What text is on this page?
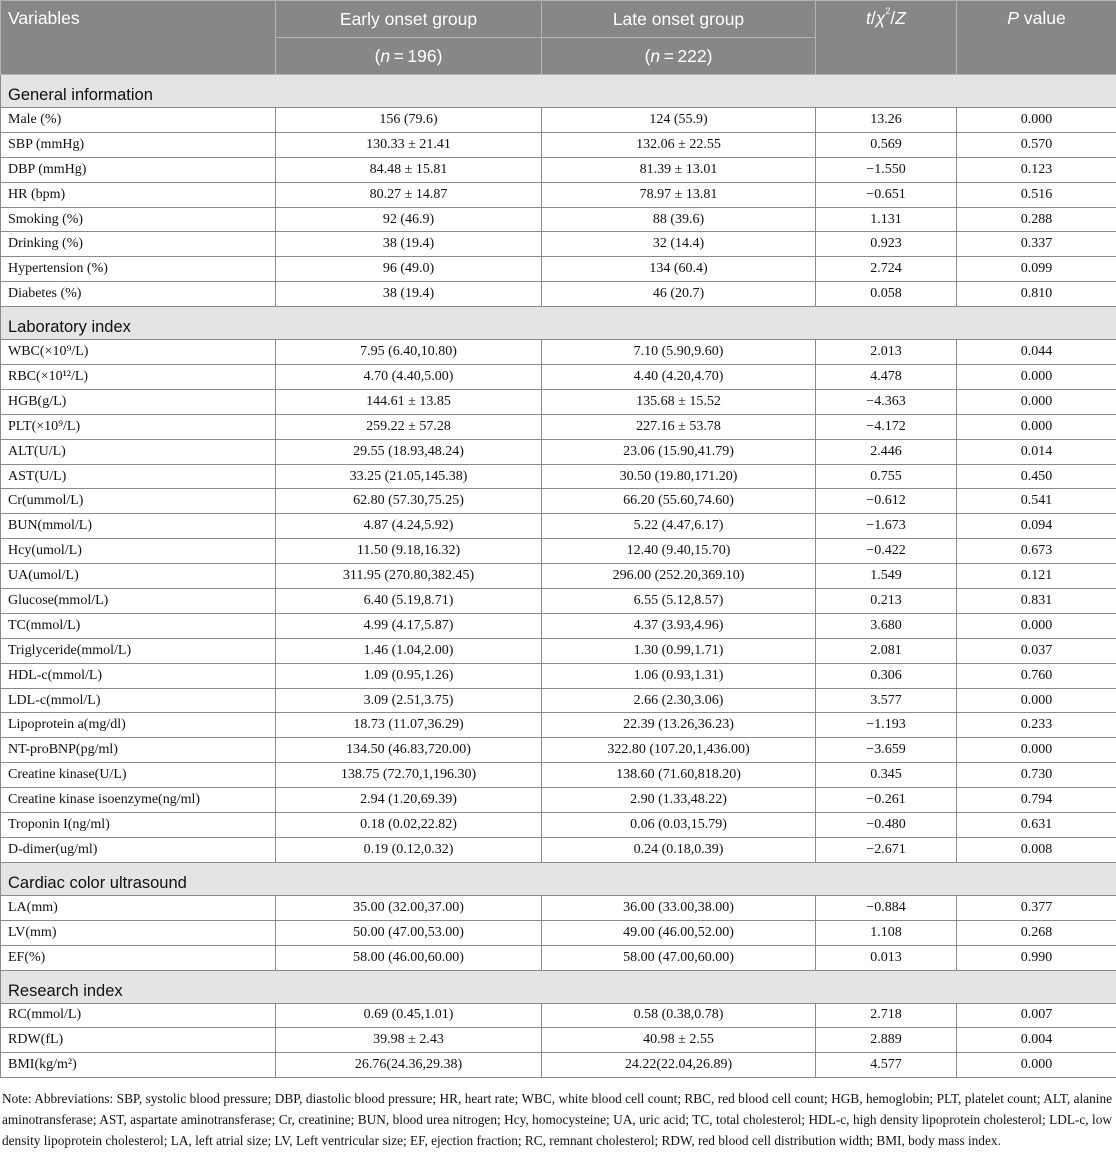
Variables	Early onset group	Late onset group	$t/\chi^2/Z$	P value
	(n = 196)	(n = 222)		
General information				
Male (%)	156 (79.6)	124 (55.9)	13.26	0.000
SBP (mmHg)	130.33 ± 21.41	132.06 ± 22.55	0.569	0.570
DBP (mmHg)	84.48 ± 15.81	81.39 ± 13.01	−1.550	0.123
HR (bpm)	80.27 ± 14.87	78.97 ± 13.81	−0.651	0.516
Smoking (%)	92 (46.9)	88 (39.6)	1.131	0.288
Drinking (%)	38 (19.4)	32 (14.4)	0.923	0.337
Hypertension (%)	96 (49.0)	134 (60.4)	2.724	0.099
Diabetes (%)	38 (19.4)	46 (20.7)	0.058	0.810
Laboratory index				
WBC(×10⁹/L)	7.95 (6.40,10.80)	7.10 (5.90,9.60)	2.013	0.044
RBC(×10¹²/L)	4.70 (4.40,5.00)	4.40 (4.20,4.70)	4.478	0.000
HGB(g/L)	144.61 ± 13.85	135.68 ± 15.52	−4.363	0.000
PLT(×10⁹/L)	259.22 ± 57.28	227.16 ± 53.78	−4.172	0.000
ALT(U/L)	29.55 (18.93,48.24)	23.06 (15.90,41.79)	2.446	0.014
AST(U/L)	33.25 (21.05,145.38)	30.50 (19.80,171.20)	0.755	0.450
Cr(ummol/L)	62.80 (57.30,75.25)	66.20 (55.60,74.60)	−0.612	0.541
BUN(mmol/L)	4.87 (4.24,5.92)	5.22 (4.47,6.17)	−1.673	0.094
Hcy(umol/L)	11.50 (9.18,16.32)	12.40 (9.40,15.70)	−0.422	0.673
UA(umol/L)	311.95 (270.80,382.45)	296.00 (252.20,369.10)	1.549	0.121
Glucose(mmol/L)	6.40 (5.19,8.71)	6.55 (5.12,8.57)	0.213	0.831
TC(mmol/L)	4.99 (4.17,5.87)	4.37 (3.93,4.96)	3.680	0.000
Triglyceride(mmol/L)	1.46 (1.04,2.00)	1.30 (0.99,1.71)	2.081	0.037
HDL-c(mmol/L)	1.09 (0.95,1.26)	1.06 (0.93,1.31)	0.306	0.760
LDL-c(mmol/L)	3.09 (2.51,3.75)	2.66 (2.30,3.06)	3.577	0.000
Lipoprotein a(mg/dl)	18.73 (11.07,36.29)	22.39 (13.26,36.23)	−1.193	0.233
NT-proBNP(pg/ml)	134.50 (46.83,720.00)	322.80 (107.20,1,436.00)	−3.659	0.000
Creatine kinase(U/L)	138.75 (72.70,1,196.30)	138.60 (71.60,818.20)	0.345	0.730
Creatine kinase isoenzyme(ng/ml)	2.94 (1.20,69.39)	2.90 (1.33,48.22)	−0.261	0.794
Troponin I(ng/ml)	0.18 (0.02,22.82)	0.06 (0.03,15.79)	−0.480	0.631
D-dimer(ug/ml)	0.19 (0.12,0.32)	0.24 (0.18,0.39)	−2.671	0.008
Cardiac color ultrasound				
LA(mm)	35.00 (32.00,37.00)	36.00 (33.00,38.00)	−0.884	0.377
LV(mm)	50.00 (47.00,53.00)	49.00 (46.00,52.00)	1.108	0.268
EF(%)	58.00 (46.00,60.00)	58.00 (47.00,60.00)	0.013	0.990
Research index				
RC(mmol/L)	0.69 (0.45,1.01)	0.58 (0.38,0.78)	2.718	0.007
RDW(fL)	39.98 ± 2.43	40.98 ± 2.55	2.889	0.004
BMI(kg/m²)	26.76(24.36,29.38)	24.22(22.04,26.89)	4.577	0.000

Note: Abbreviations: SBP, systolic blood pressure; DBP, diastolic blood pressure; HR, heart rate; WBC, white blood cell count; RBC, red blood cell count; HGB, hemoglobin; PLT, platelet count; ALT, alanine aminotransferase; AST, aspartate aminotransferase; Cr, creatinine; BUN, blood urea nitrogen; Hcy, homocysteine; UA, uric acid; TC, total cholesterol; HDL-c, high density lipoprotein cholesterol; LDL-c, low density lipoprotein cholesterol; LA, left atrial size; LV, Left ventricular size; EF, ejection fraction; RC, remnant cholesterol; RDW, red blood cell distribution width; BMI, body mass index.
